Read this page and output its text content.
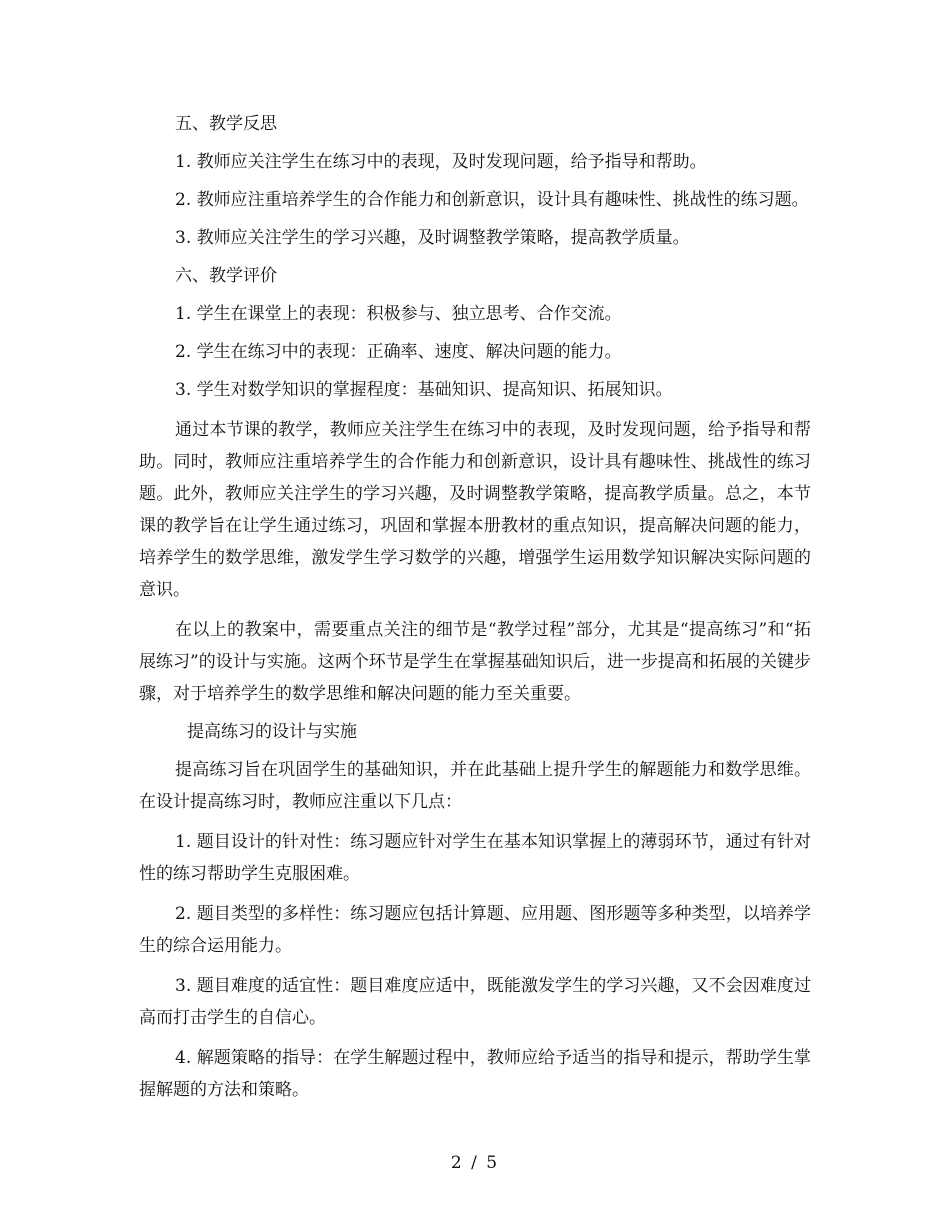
五、教学反思

1. 教师应关注学生在练习中的表现，及时发现问题，给予指导和帮助。

2. 教师应注重培养学生的合作能力和创新意识，设计具有趣味性、挑战性的练习题。

3. 教师应关注学生的学习兴趣，及时调整教学策略，提高教学质量。

六、教学评价

1. 学生在课堂上的表现：积极参与、独立思考、合作交流。

2. 学生在练习中的表现：正确率、速度、解决问题的能力。

3. 学生对数学知识的掌握程度：基础知识、提高知识、拓展知识。

通过本节课的教学，教师应关注学生在练习中的表现，及时发现问题，给予指导和帮助。同时，教师应注重培养学生的合作能力和创新意识，设计具有趣味性、挑战性的练习题。此外，教师应关注学生的学习兴趣，及时调整教学策略，提高教学质量。总之，本节课的教学旨在让学生通过练习，巩固和掌握本册教材的重点知识，提高解决问题的能力，培养学生的数学思维，激发学生学习数学的兴趣，增强学生运用数学知识解决实际问题的意识。

在以上的教案中，需要重点关注的细节是“教学过程”部分，尤其是“提高练习”和“拓展练习”的设计与实施。这两个环节是学生在掌握基础知识后，进一步提高和拓展的关键步骤，对于培养学生的数学思维和解决问题的能力至关重要。

提高练习的设计与实施

提高练习旨在巩固学生的基础知识，并在此基础上提升学生的解题能力和数学思维。在设计提高练习时，教师应注重以下几点：

1. 题目设计的针对性：练习题应针对学生在基本知识掌握上的薄弱环节，通过有针对性的练习帮助学生克服困难。

2. 题目类型的多样性：练习题应包括计算题、应用题、图形题等多种类型，以培养学生的综合运用能力。

3. 题目难度的适宜性：题目难度应适中，既能激发学生的学习兴趣，又不会因难度过高而打击学生的自信心。

4. 解题策略的指导：在学生解题过程中，教师应给予适当的指导和提示，帮助学生掌握解题的方法和策略。

2 / 5
